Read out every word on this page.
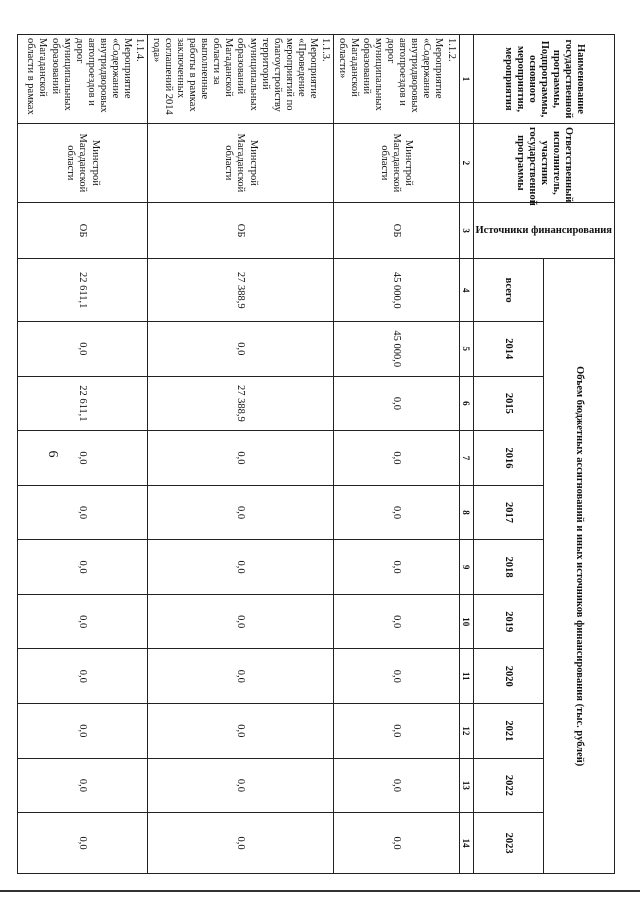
6
Наименование государственной программы, Подпрограммы, основного мероприятия, мероприятия	Ответственный исполнитель, участник государственной программы	Источники финансирования	Объем бюджетных ассигнований и иных источников финансирования (тыс. рублей)										
			всего	2014	2015	2016	2017	2018	2019	2020	2021	2022	2023
1	2	3	4	5	6	7	8	9	10	11	12	13	14
1.1.2. Мероприятие «Содержание внутридворовых автопроездов и дорог муниципальных образований Магаданской области»	Минстрой Магаданской области	ОБ	45 000,0	45 000,0	0,0	0,0	0,0	0,0	0,0	0,0	0,0	0,0	0,0
1.1.3. Мероприятие «Проведение мероприятий по благоустройству территорий муниципальных образований Магаданской области за выполненные работы в рамках заключенных соглашений 2014 года»	Минстрой Магаданской области	ОБ	27 388,9	0,0	27 388,9	0,0	0,0	0,0	0,0	0,0	0,0	0,0	0,0
1.1.4. Мероприятие «Содержание внутридворовых автопроездов и дорог муниципальных образований Магаданской области в рамках	Минстрой Магаданской области	ОБ	22 611,1	0,0	22 611,1	0,0	0,0	0,0	0,0	0,0	0,0	0,0	0,0
